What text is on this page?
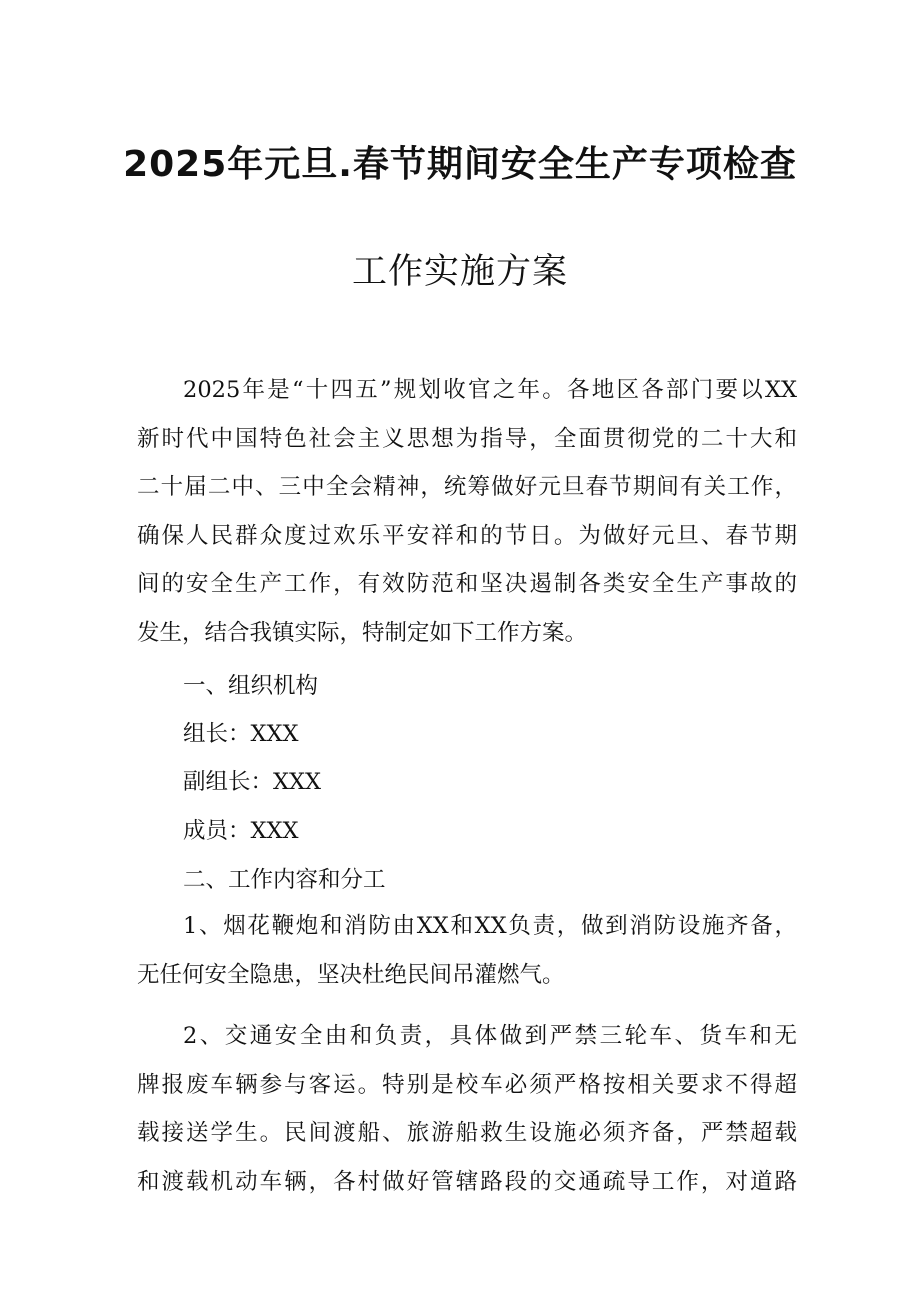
2025年元旦.春节期间安全生产专项检查
工作实施方案
2025年是“十四五”规划收官之年。各地区各部门要以XX
新时代中国特色社会主义思想为指导，全面贯彻党的二十大和
二十届二中、三中全会精神，统筹做好元旦春节期间有关工作，
确保人民群众度过欢乐平安祥和的节日。为做好元旦、春节期
间的安全生产工作，有效防范和坚决遏制各类安全生产事故的
发生，结合我镇实际，特制定如下工作方案。
一、组织机构
组长：XXX
副组长：XXX
成员：XXX
二、工作内容和分工
1、烟花鞭炮和消防由XX和XX负责，做到消防设施齐备，
无任何安全隐患，坚决杜绝民间吊灌燃气。
2、交通安全由和负责，具体做到严禁三轮车、货车和无
牌报废车辆参与客运。特别是校车必须严格按相关要求不得超
载接送学生。民间渡船、旅游船救生设施必须齐备，严禁超载
和渡载机动车辆，各村做好管辖路段的交通疏导工作，对道路
